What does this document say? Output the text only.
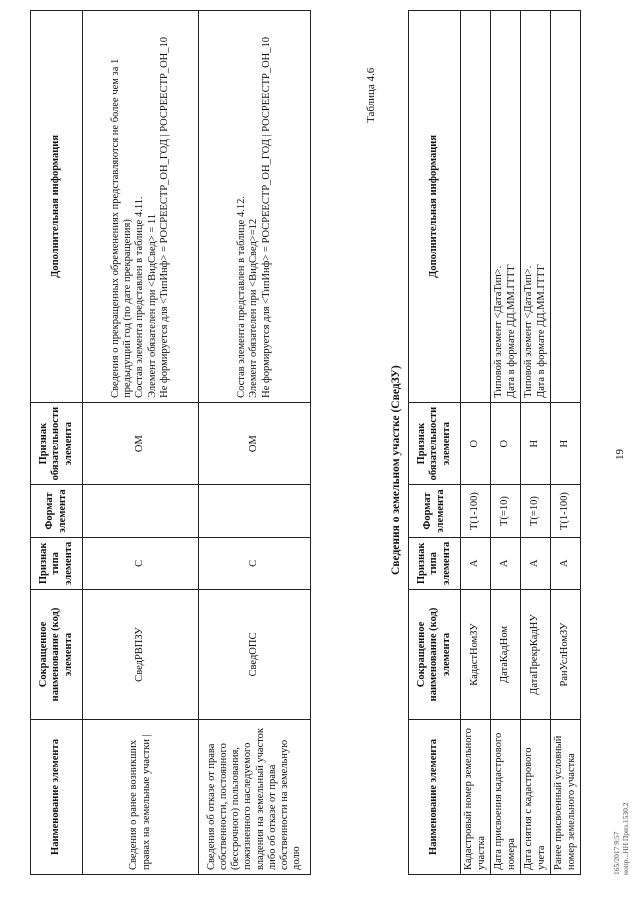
Наименование элемента	Сокращенное наименование (код) элемента	Признак типа элемента	Формат элемента	Признак обязательности элемента	Дополнительная информация
Сведения о ранее возникших правах на земельные участки |	СведРВПЗУ	С		ОМ	Сведения о прекращенных обременениях представляются не более чем за 1 предыдущий год (по дате прекращения)
Состав элемента представлен в таблице 4.11.
Элемент обязателен при <ВидСвед> = 11
Не формируется для <ТипИнф> = РОСРЕЕСТР_ОН_ГОД | РОСРЕЕСТР_ОН_10
Сведения об отказе от права собственности, постоянного (бессрочного) пользования, пожизненного наследуемого владения на земельный участок либо об отказе от права собственности на земельную долю	СведОПС	С		ОМ	Состав элемента представлен в таблице 4.12.
Элемент обязателен при <ВидСвед>=12
Не формируется для <ТипИнф> = РОСРЕЕСТР_ОН_ГОД | РОСРЕЕСТР_ОН_10
19
Таблица 4.6
Сведения о земельном участке (СведЗУ)
Наименование элемента	Сокращенное наименование (код) элемента	Признак типа элемента	Формат элемента	Признак обязательности элемента	Дополнительная информация
Кадастровый номер земельного участка	КадастНомЗУ	А	T(1-100)	О	
Дата присвоения кадастрового номера	ДатаКадНом	А	T(=10)	О	Типовой элемент <ДатаТип>.
Дата в формате ДД.ММ.ГГГГ
Дата снятия с кадастрового учета	ДатаПрекрКадНУ	А	T(=10)	Н	Типовой элемент <ДатаТип>.
Дата в формате ДД.ММ.ГГГГ
Ранее присвоенный условный номер земельного участка	РанУслНомЗУ	А	T(1-100)	Н	
165/2017 9:57
нопр...НН Приз.1530.2
